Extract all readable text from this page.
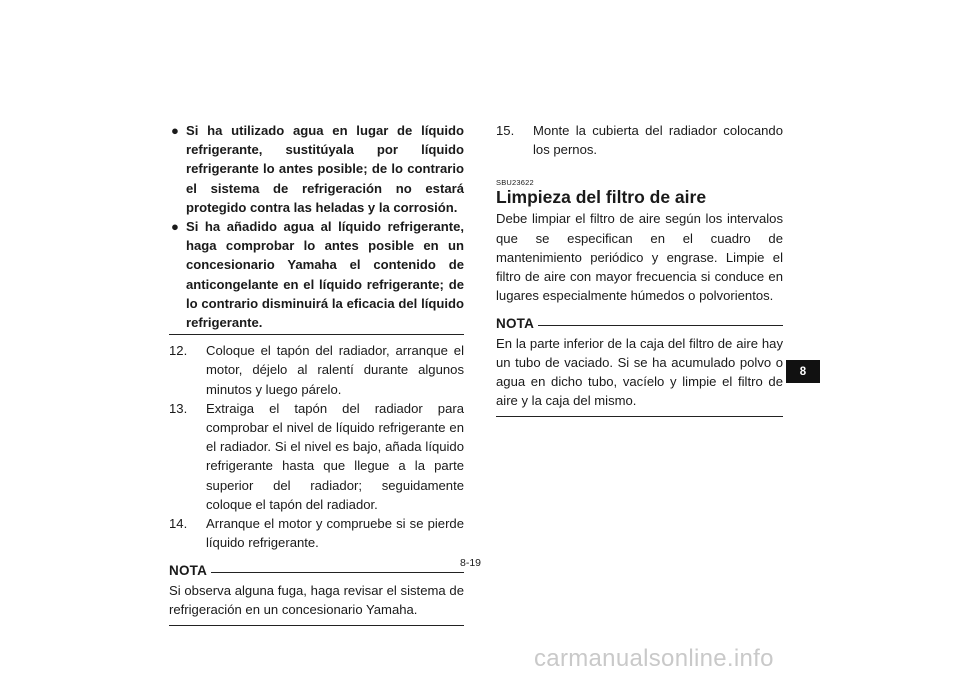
● Si ha utilizado agua en lugar de líquido refrigerante, sustitúyala por líquido refrigerante lo antes posible; de lo contrario el sistema de refrigeración no estará protegido contra las heladas y la corrosión.
● Si ha añadido agua al líquido refrigerante, haga comprobar lo antes posible en un concesionario Yamaha el contenido de anticongelante en el líquido refrigerante; de lo contrario disminuirá la eficacia del líquido refrigerante.
12. Coloque el tapón del radiador, arranque el motor, déjelo al ralentí durante algunos minutos y luego párelo.
13. Extraiga el tapón del radiador para comprobar el nivel de líquido refrigerante en el radiador. Si el nivel es bajo, añada líquido refrigerante hasta que llegue a la parte superior del radiador; seguidamente coloque el tapón del radiador.
14. Arranque el motor y compruebe si se pierde líquido refrigerante.
NOTA
Si observa alguna fuga, haga revisar el sistema de refrigeración en un concesionario Yamaha.
15. Monte la cubierta del radiador colocando los pernos.
SBU23622
Limpieza del filtro de aire
Debe limpiar el filtro de aire según los intervalos que se especifican en el cuadro de mantenimiento periódico y engrase. Limpie el filtro de aire con mayor frecuencia si conduce en lugares especialmente húmedos o polvorientos.
NOTA
En la parte inferior de la caja del filtro de aire hay un tubo de vaciado. Si se ha acumulado polvo o agua en dicho tubo, vacíelo y limpie el filtro de aire y la caja del mismo.
8
8-19
carmanualsonline.info
